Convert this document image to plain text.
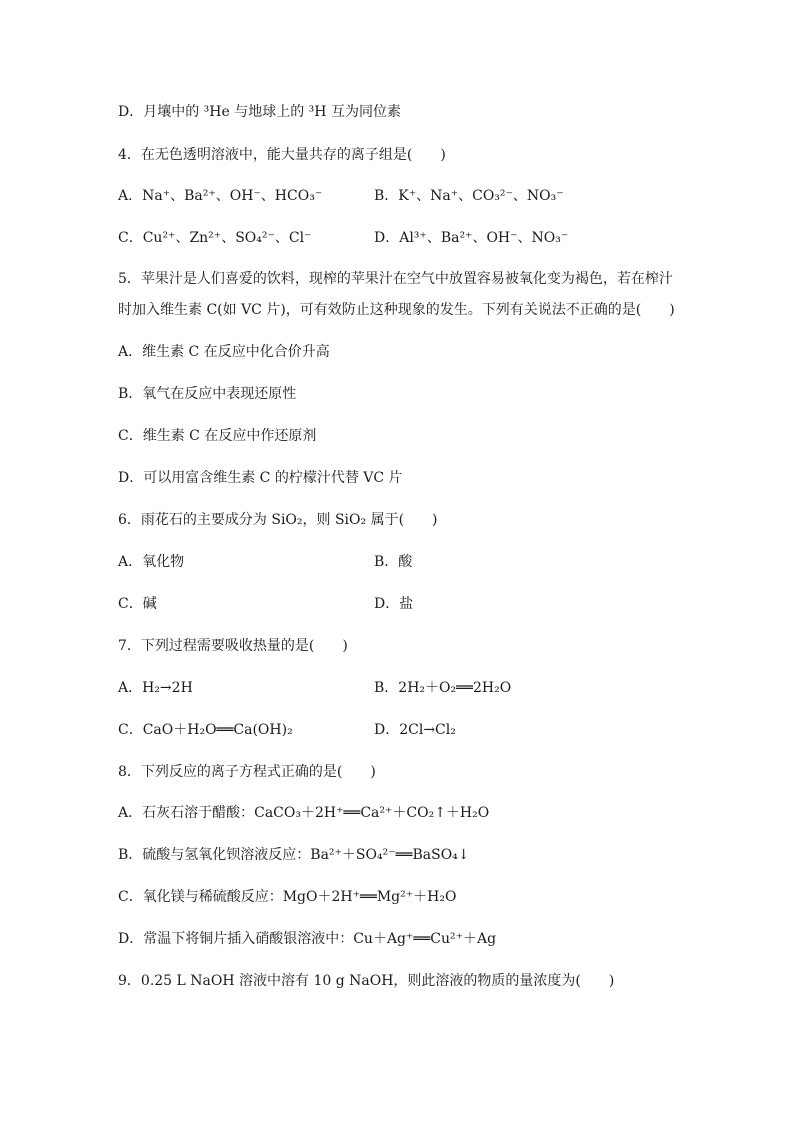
D．月壤中的 ³He 与地球上的 ³H 互为同位素
4．在无色透明溶液中，能大量共存的离子组是(　　)
A．Na⁺、Ba²⁺、OH⁻、HCO₃⁻	B．K⁺、Na⁺、CO₃²⁻、NO₃⁻
C．Cu²⁺、Zn²⁺、SO₄²⁻、Cl⁻	D．Al³⁺、Ba²⁺、OH⁻、NO₃⁻
5．苹果汁是人们喜爱的饮料，现榨的苹果汁在空气中放置容易被氧化变为褐色，若在榨汁
时加入维生素 C(如 VC 片)，可有效防止这种现象的发生。下列有关说法不正确的是(　　)
A．维生素 C 在反应中化合价升高
B．氧气在反应中表现还原性
C．维生素 C 在反应中作还原剂
D．可以用富含维生素 C 的柠檬汁代替 VC 片
6．雨花石的主要成分为 SiO₂，则 SiO₂ 属于(　　)
A．氧化物	B．酸
C．碱	D．盐
7．下列过程需要吸收热量的是(　　)
A．H₂→2H	B．2H₂＋O₂══2H₂O
C．CaO＋H₂O══Ca(OH)₂	D．2Cl→Cl₂
8．下列反应的离子方程式正确的是(　　)
A．石灰石溶于醋酸：CaCO₃＋2H⁺══Ca²⁺＋CO₂↑＋H₂O
B．硫酸与氢氧化钡溶液反应：Ba²⁺＋SO₄²⁻══BaSO₄↓
C．氧化镁与稀硫酸反应：MgO＋2H⁺══Mg²⁺＋H₂O
D．常温下将铜片插入硝酸银溶液中：Cu＋Ag⁺══Cu²⁺＋Ag
9．0.25 L NaOH 溶液中溶有 10 g NaOH，则此溶液的物质的量浓度为(　　)
